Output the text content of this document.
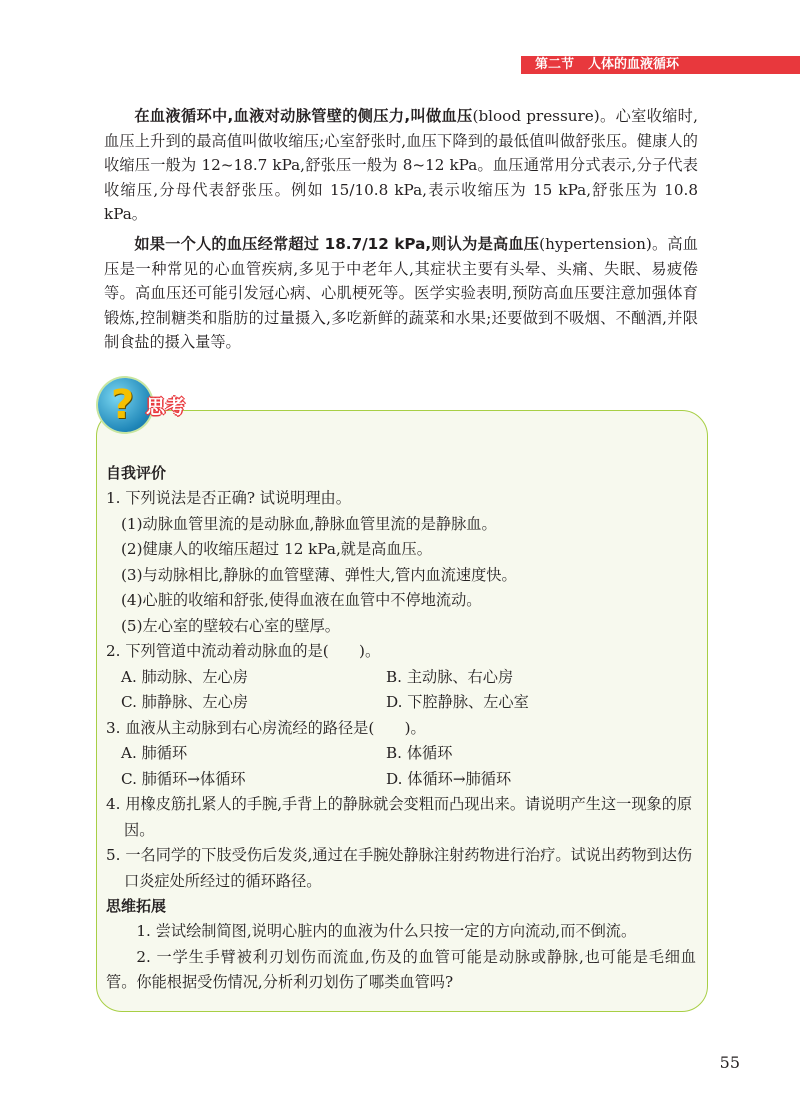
第二节 人体的血液循环

在血液循环中,血液对动脉管壁的侧压力,叫做血压(blood pressure)。心室收缩时,血压上升到的最高值叫做收缩压;心室舒张时,血压下降到的最低值叫做舒张压。健康人的收缩压一般为 12~18.7 kPa,舒张压一般为 8~12 kPa。血压通常用分式表示,分子代表收缩压,分母代表舒张压。例如 15/10.8 kPa,表示收缩压为 15 kPa,舒张压为 10.8 kPa。

如果一个人的血压经常超过 18.7/12 kPa,则认为是高血压(hypertension)。高血压是一种常见的心血管疾病,多见于中老年人,其症状主要有头晕、头痛、失眠、易疲倦等。高血压还可能引发冠心病、心肌梗死等。医学实验表明,预防高血压要注意加强体育锻炼,控制糖类和脂肪的过量摄入,多吃新鲜的蔬菜和水果;还要做到不吸烟、不酗酒,并限制食盐的摄入量等。

? 思考
自我评价
1. 下列说法是否正确? 试说明理由。
(1)动脉血管里流的是动脉血,静脉血管里流的是静脉血。
(2)健康人的收缩压超过 12 kPa,就是高血压。
(3)与动脉相比,静脉的血管壁薄、弹性大,管内血流速度快。
(4)心脏的收缩和舒张,使得血液在血管中不停地流动。
(5)左心室的壁较右心室的壁厚。
2. 下列管道中流动着动脉血的是(　　)。
A. 肺动脉、左心房	B. 主动脉、右心房
C. 肺静脉、左心房	D. 下腔静脉、左心室
3. 血液从主动脉到右心房流经的路径是(　　)。
A. 肺循环	B. 体循环
C. 肺循环→体循环	D. 体循环→肺循环
4. 用橡皮筋扎紧人的手腕,手背上的静脉就会变粗而凸现出来。请说明产生这一现象的原因。
5. 一名同学的下肢受伤后发炎,通过在手腕处静脉注射药物进行治疗。试说出药物到达伤口炎症处所经过的循环路径。
思维拓展

1. 尝试绘制简图,说明心脏内的血液为什么只按一定的方向流动,而不倒流。

2. 一学生手臂被利刃划伤而流血,伤及的血管可能是动脉或静脉,也可能是毛细血管。你能根据受伤情况,分析利刃划伤了哪类血管吗?

55
